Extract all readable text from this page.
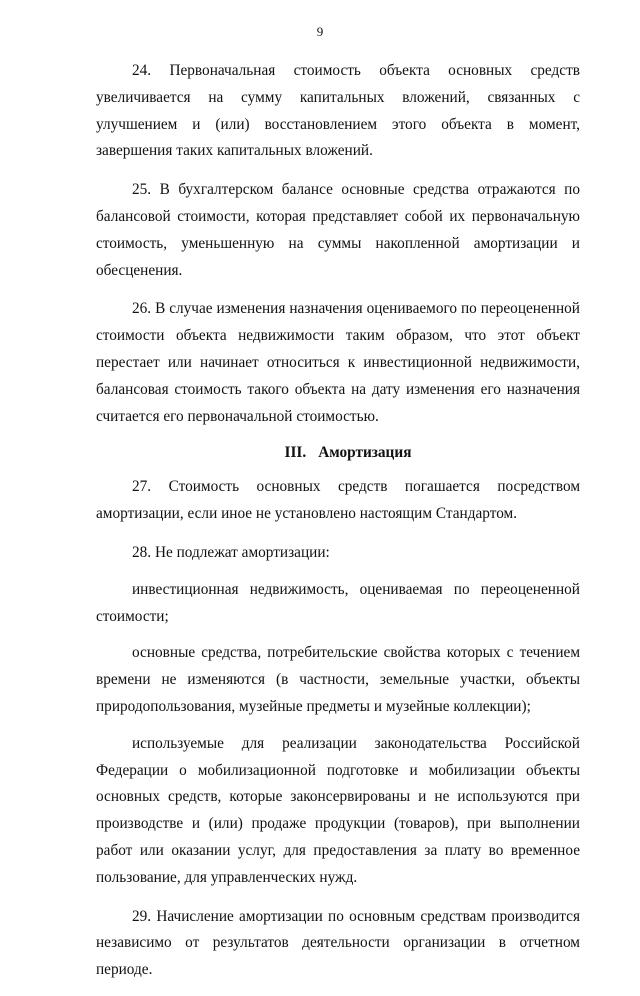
9

24. Первоначальная стоимость объекта основных средств увеличивается на сумму капитальных вложений, связанных с улучшением и (или) восстановлением этого объекта в момент, завершения таких капитальных вложений.

25. В бухгалтерском балансе основные средства отражаются по балансовой стоимости, которая представляет собой их первоначальную стоимость, уменьшенную на суммы накопленной амортизации и обесценения.

26. В случае изменения назначения оцениваемого по переоцененной стоимости объекта недвижимости таким образом, что этот объект перестает или начинает относиться к инвестиционной недвижимости, балансовая стоимость такого объекта на дату изменения его назначения считается его первоначальной стоимостью.

III. Амортизация

27. Стоимость основных средств погашается посредством амортизации, если иное не установлено настоящим Стандартом.

28. Не подлежат амортизации:

инвестиционная недвижимость, оцениваемая по переоцененной стоимости;

основные средства, потребительские свойства которых с течением времени не изменяются (в частности, земельные участки, объекты природопользования, музейные предметы и музейные коллекции);

используемые для реализации законодательства Российской Федерации о мобилизационной подготовке и мобилизации объекты основных средств, которые законсервированы и не используются при производстве и (или) продаже продукции (товаров), при выполнении работ или оказании услуг, для предоставления за плату во временное пользование, для управленческих нужд.

29. Начисление амортизации по основным средствам производится независимо от результатов деятельности организации в отчетном периоде.
